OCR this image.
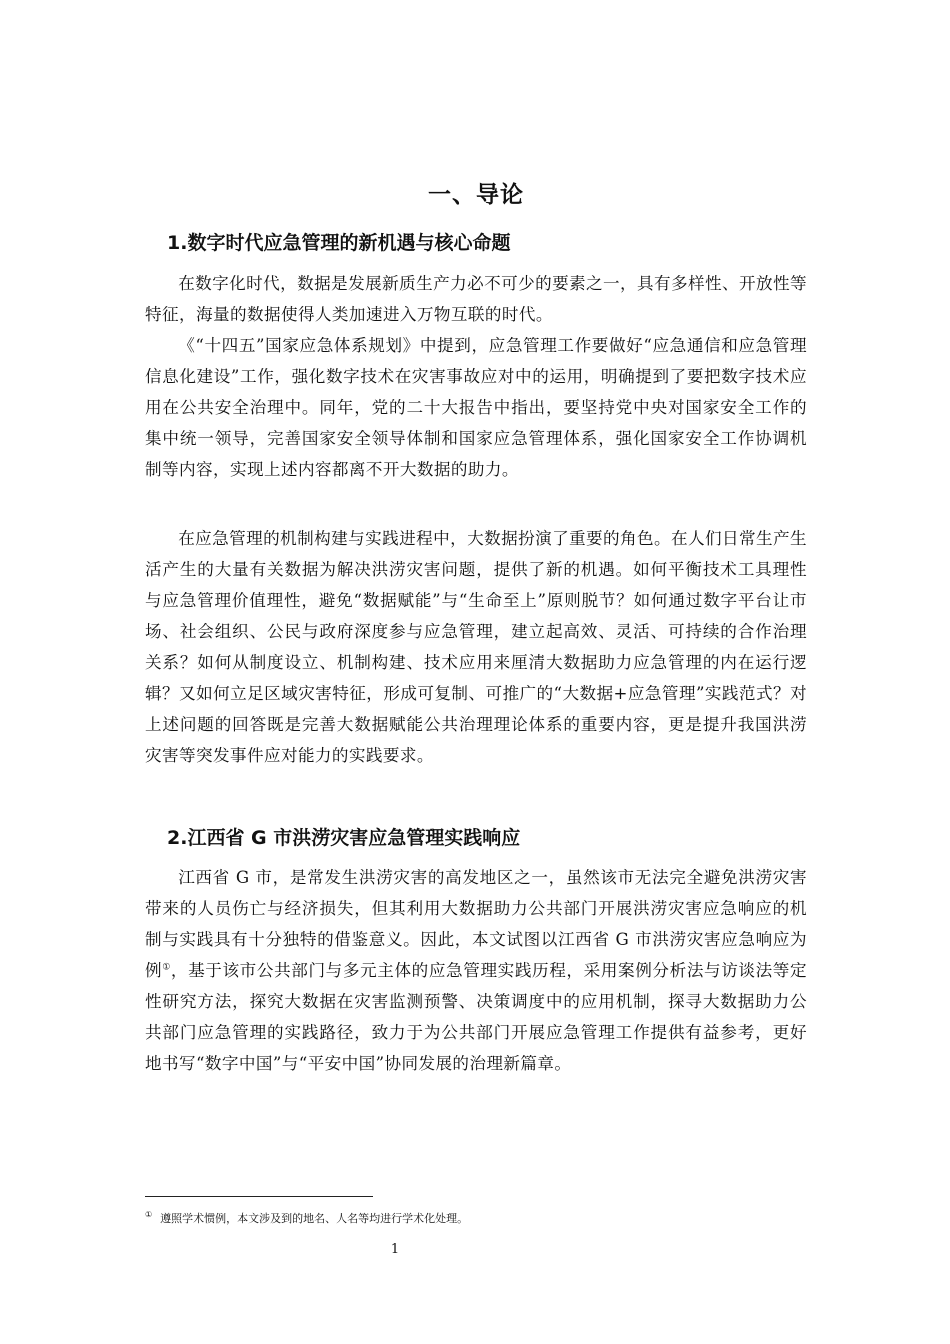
一、导论
1.数字时代应急管理的新机遇与核心命题

在数字化时代，数据是发展新质生产力必不可少的要素之一，具有多样性、开放性等特征，海量的数据使得人类加速进入万物互联的时代。

《“十四五”国家应急体系规划》中提到，应急管理工作要做好“应急通信和应急管理信息化建设”工作，强化数字技术在灾害事故应对中的运用，明确提到了要把数字技术应用在公共安全治理中。同年，党的二十大报告中指出，要坚持党中央对国家安全工作的集中统一领导，完善国家安全领导体制和国家应急管理体系，强化国家安全工作协调机制等内容，实现上述内容都离不开大数据的助力。

在应急管理的机制构建与实践进程中，大数据扮演了重要的角色。在人们日常生产生活产生的大量有关数据为解决洪涝灾害问题，提供了新的机遇。如何平衡技术工具理性与应急管理价值理性，避免“数据赋能”与“生命至上”原则脱节？如何通过数字平台让市场、社会组织、公民与政府深度参与应急管理，建立起高效、灵活、可持续的合作治理关系？如何从制度设立、机制构建、技术应用来厘清大数据助力应急管理的内在运行逻辑？又如何立足区域灾害特征，形成可复制、可推广的“大数据+应急管理”实践范式？对上述问题的回答既是完善大数据赋能公共治理理论体系的重要内容，更是提升我国洪涝灾害等突发事件应对能力的实践要求。

2.江西省 G 市洪涝灾害应急管理实践响应

江西省 G 市，是常发生洪涝灾害的高发地区之一，虽然该市无法完全避免洪涝灾害带来的人员伤亡与经济损失，但其利用大数据助力公共部门开展洪涝灾害应急响应的机制与实践具有十分独特的借鉴意义。因此，本文试图以江西省 G 市洪涝灾害应急响应为例①，基于该市公共部门与多元主体的应急管理实践历程，采用案例分析法与访谈法等定性研究方法，探究大数据在灾害监测预警、决策调度中的应用机制，探寻大数据助力公共部门应急管理的实践路径，致力于为公共部门开展应急管理工作提供有益参考，更好地书写“数字中国”与“平安中国”协同发展的治理新篇章。

① 遵照学术惯例，本文涉及到的地名、人名等均进行学术化处理。

1
